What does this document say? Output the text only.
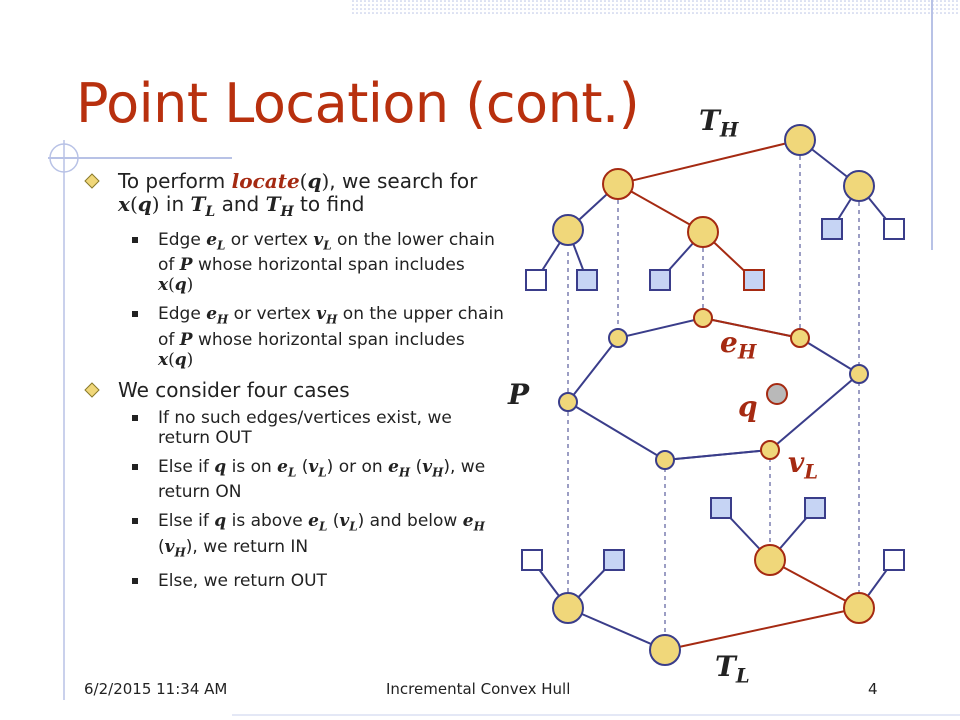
Point Location (cont.)
To perform locate(q), we search for x(q) in $T_L$ and $T_H$ to find
Edge $e_L$ or vertex $v_L$ on the lower chain of P whose horizontal span includes x(q)
Edge $e_H$ or vertex $v_H$ on the upper chain of P whose horizontal span includes x(q)
We consider four cases
If no such edges/vertices exist, we return OUT
Else if q is on $e_L$ $(v_L)$ or on $e_H$ $(v_H)$, we return ON
Else if q is above $e_L$ $(v_L)$ and below $e_H$ $(v_H)$, we return IN
Else, we return OUT
$T_H$
$e_H$
P	q
$v_L$
$T_L$
6/2/2015 11:34 AM	Incremental Convex Hull	4
